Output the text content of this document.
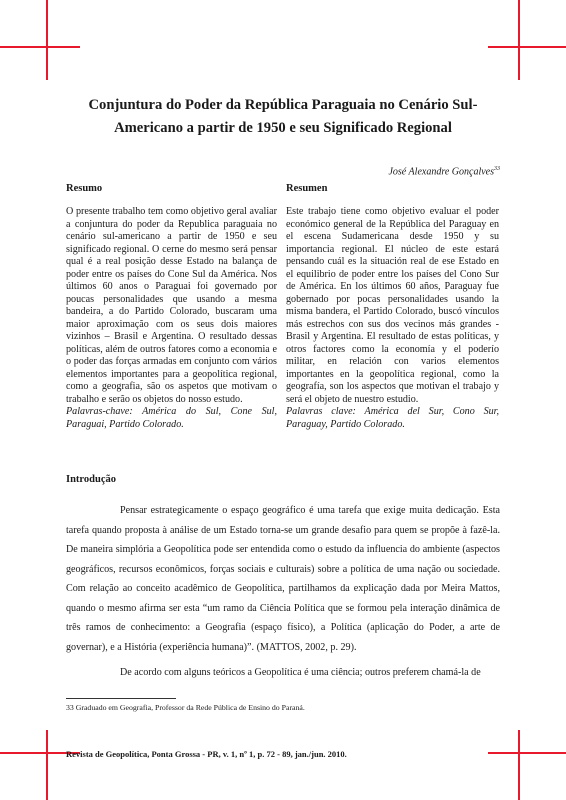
Conjuntura do Poder da República Paraguaia no Cenário Sul-
Americano a partir de 1950 e seu Significado Regional
José Alexandre Gonçalves$^{33}$
Resumo	Resumen

O presente trabalho tem como objetivo geral avaliar a conjuntura do poder da Republica paraguaia no cenário sul-americano a partir de 1950 e seu significado regional. O cerne do mesmo será pensar qual é a real posição desse Estado na balança de poder entre os países do Cone Sul da América. Nos últimos 60 anos o Paraguai foi governado por poucas personalidades que usando a mesma bandeira, a do Partido Colorado, buscaram uma maior aproximação com os seus dois maiores vizinhos – Brasil e Argentina. O resultado dessas políticas, além de outros fatores como a economia e o poder das forças armadas em conjunto com vários elementos importantes para a geopolítica regional, como a geografia, são os aspetos que motivam o trabalho e serão os objetos do nosso estudo.

Palavras-chave: América do Sul, Cone Sul, Paraguai, Partido Colorado.

Este trabajo tiene como objetivo evaluar el poder económico general de la República del Paraguay en el escena Sudamericana desde 1950 y su importancia regional. El núcleo de este estará pensando cuál es la situación real de ese Estado en el equilibrio de poder entre los países del Cono Sur de América. En los últimos 60 años, Paraguay fue gobernado por pocas personalidades usando la misma bandera, el Partido Colorado, buscó vínculos más estrechos con sus dos vecinos más grandes - Brasil y Argentina. El resultado de estas políticas, y otros factores como la economía y el poderío militar, en relación con varios elementos importantes en la geopolítica regional, como la geografía, son los aspectos que motivan el trabajo y será el objeto de nuestro estudio.

Palavras clave: América del Sur, Cono Sur, Paraguay, Partido Colorado.

Introdução

Pensar estrategicamente o espaço geográfico é uma tarefa que exige muita dedicação. Esta tarefa quando proposta à análise de um Estado torna-se um grande desafio para quem se propõe à fazê-la. De maneira simplória a Geopolítica pode ser entendida como o estudo da influencia do ambiente (aspectos geográficos, recursos econômicos, forças sociais e culturais) sobre a política de uma nação ou sociedade. Com relação ao conceito acadêmico de Geopolítica, partilhamos da explicação dada por Meira Mattos, quando o mesmo afirma ser esta “um ramo da Ciência Política que se formou pela interação dinâmica de três ramos de conhecimento: a Geografia (espaço físico), a Política (aplicação do Poder, a arte de governar), e a História (experiência humana)”. (MATTOS, 2002, p. 29).

De acordo com alguns teóricos a Geopolítica é uma ciência; outros preferem chamá-la de

33 Graduado em Geografia, Professor da Rede Pública de Ensino do Paraná.
Revista de Geopolítica, Ponta Grossa - PR, v. 1, nº 1, p. 72 - 89, jan./jun. 2010.
